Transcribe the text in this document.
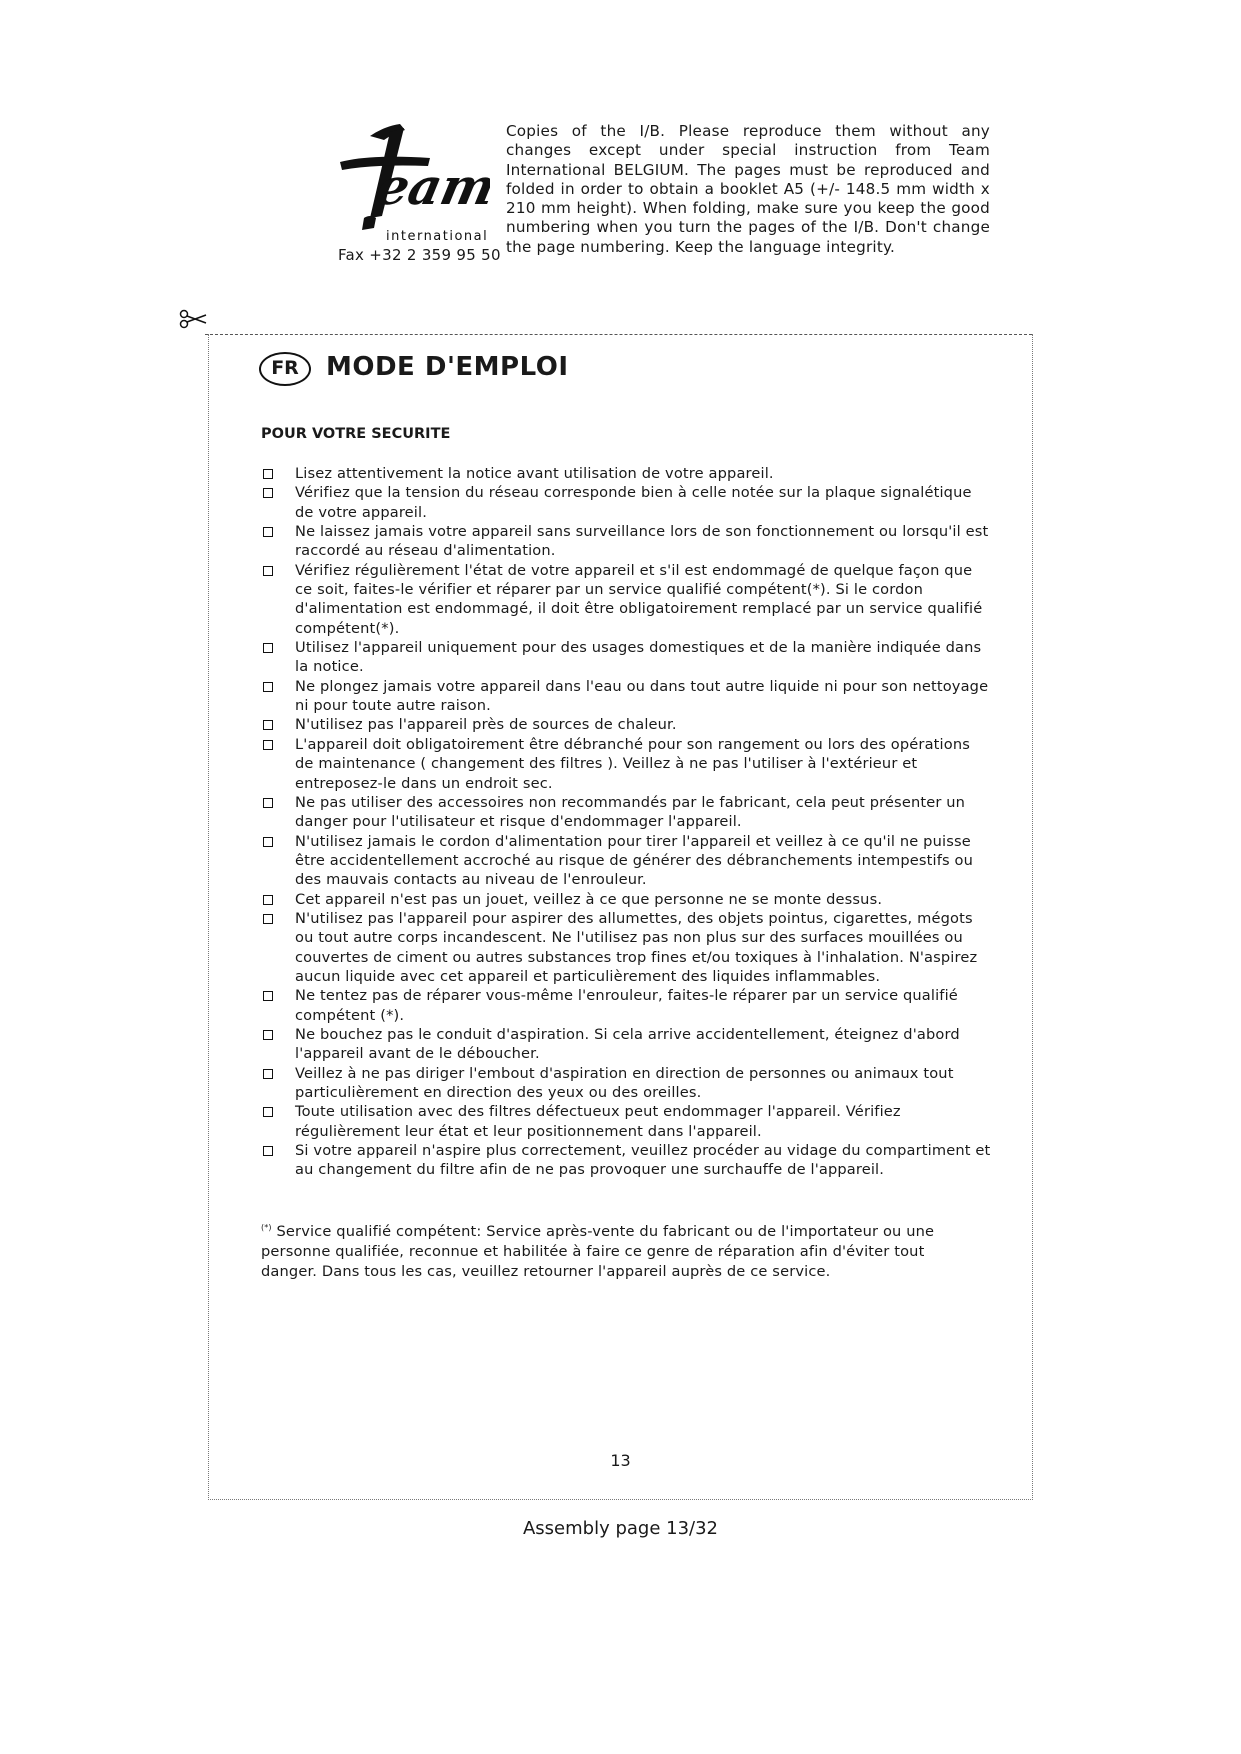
eam
international
Fax +32 2 359 95 50
Copies of the I/B. Please reproduce them without any changes except under special instruction from Team International BELGIUM. The pages must be reproduced and folded in order to obtain a booklet A5 (+/- 148.5 mm width x 210 mm height). When folding, make sure you keep the good numbering when you turn the pages of the I/B. Don't change the page numbering. Keep the language integrity.
FR	MODE D'EMPLOI
POUR VOTRE SECURITE
Lisez attentivement la notice avant utilisation de votre appareil.
Vérifiez que la tension du réseau corresponde bien à celle notée sur la plaque signalétique de votre appareil.
Ne laissez jamais votre appareil sans surveillance lors de son fonctionnement ou lorsqu'il est raccordé au réseau d'alimentation.
Vérifiez régulièrement l'état de votre appareil et s'il est endommagé de quelque façon que ce soit, faites-le vérifier et réparer par un service qualifié compétent(*). Si le cordon d'alimentation est endommagé, il doit être obligatoirement remplacé par un service qualifié compétent(*).
Utilisez l'appareil uniquement pour des usages domestiques et de la manière indiquée dans la notice.
Ne plongez jamais votre appareil dans l'eau ou dans tout autre liquide ni pour son nettoyage ni pour toute autre raison.
N'utilisez pas l'appareil près de sources de chaleur.
L'appareil doit obligatoirement être débranché pour son rangement ou lors des opérations de maintenance ( changement des filtres ). Veillez à ne pas l'utiliser à l'extérieur et entreposez-le dans un endroit sec.
Ne pas utiliser des accessoires non recommandés par le fabricant, cela peut présenter un danger pour l'utilisateur et risque d'endommager l'appareil.
N'utilisez jamais le cordon d'alimentation pour tirer l'appareil et veillez à ce qu'il ne puisse être accidentellement accroché au risque de générer des débranchements intempestifs ou des mauvais contacts au niveau de l'enrouleur.
Cet appareil n'est pas un jouet, veillez à ce que personne ne se monte dessus.
N'utilisez pas l'appareil pour aspirer des allumettes, des objets pointus, cigarettes, mégots ou tout autre corps incandescent. Ne l'utilisez pas non plus sur des surfaces mouillées ou couvertes de ciment ou autres substances trop fines et/ou toxiques à l'inhalation. N'aspirez aucun liquide avec cet appareil et particulièrement des liquides inflammables.
Ne tentez pas de réparer vous-même l'enrouleur, faites-le réparer par un service qualifié compétent (*).
Ne bouchez pas le conduit d'aspiration. Si cela arrive accidentellement, éteignez d'abord l'appareil avant de le déboucher.
Veillez à ne pas diriger l'embout d'aspiration en direction de personnes ou animaux tout particulièrement en direction des yeux ou des oreilles.
Toute utilisation avec des filtres défectueux peut endommager l'appareil. Vérifiez régulièrement leur état et leur positionnement dans l'appareil.
Si votre appareil n'aspire plus correctement, veuillez procéder au vidage du compartiment et au changement du filtre afin de ne pas provoquer une surchauffe de l'appareil.
(*) Service qualifié compétent: Service après-vente du fabricant ou de l'importateur ou une personne qualifiée, reconnue et habilitée à faire ce genre de réparation afin d'éviter tout danger. Dans tous les cas, veuillez retourner l'appareil auprès de ce service.
13
Assembly page 13/32
